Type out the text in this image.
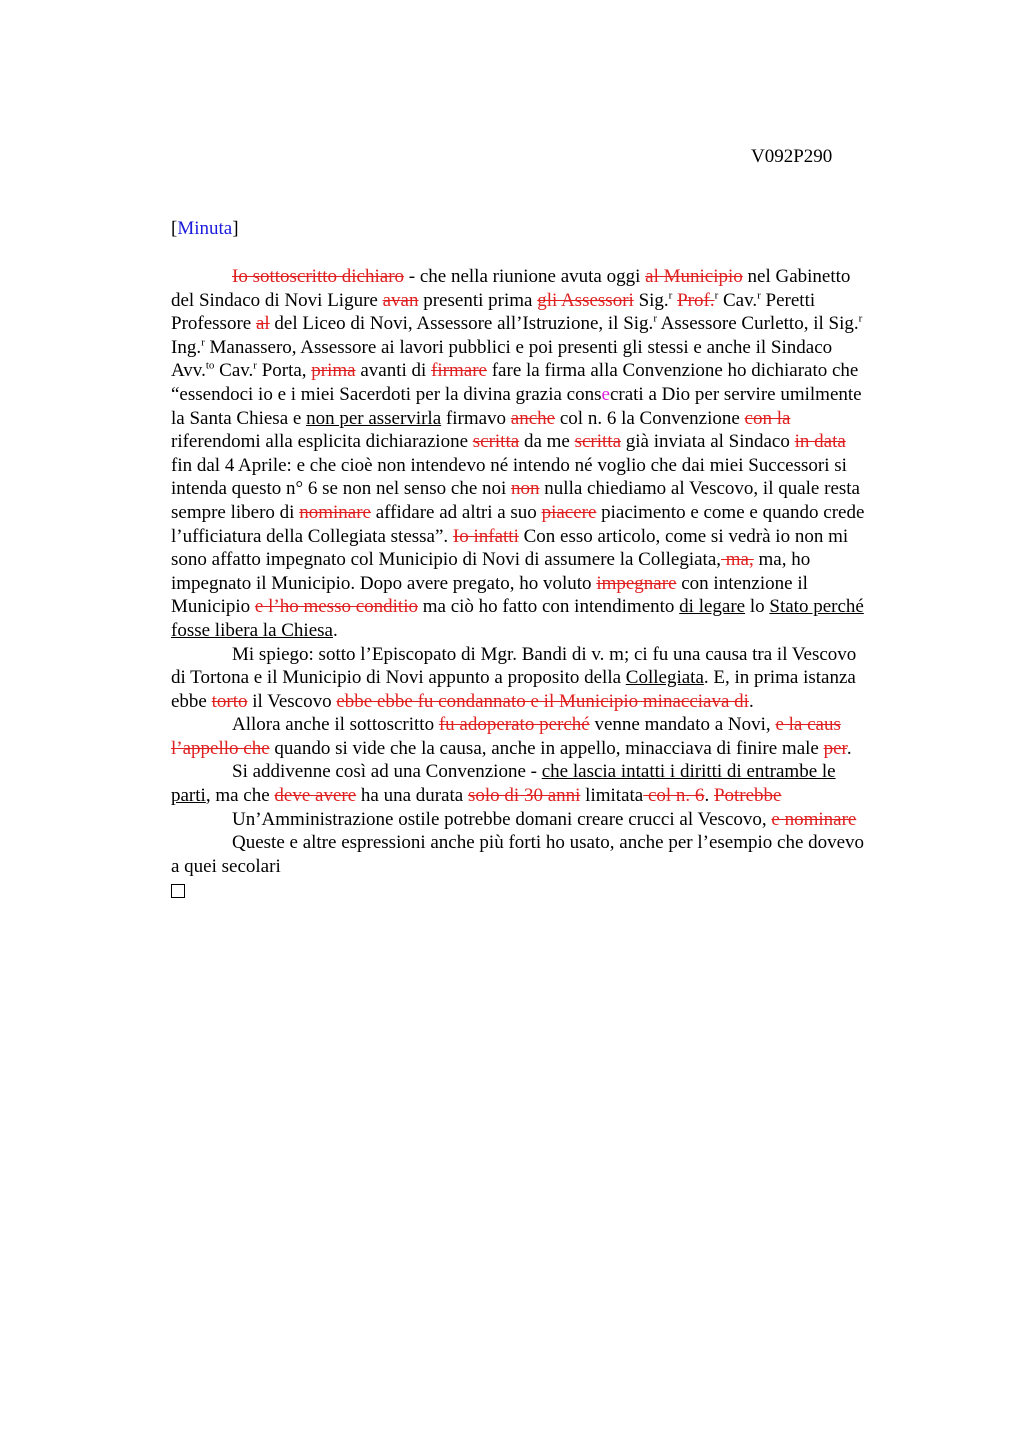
V092P290
[Minuta]
Io sottoscritto dichiaro - che nella riunione avuta oggi al Municipio nel Gabinetto
del Sindaco di Novi Ligure avan presenti prima gli Assessori Sig.$^r$ Prof.$^r$ Cav.$^r$ Peretti
Professore al del Liceo di Novi, Assessore all’Istruzione, il Sig.$^r$ Assessore Curletto, il Sig.$^r$
Ing.$^r$ Manassero, Assessore ai lavori pubblici e poi presenti gli stessi e anche il Sindaco
Avv.$^{to}$ Cav.$^r$ Porta, prima avanti di firmare fare la firma alla Convenzione ho dichiarato che
“essendoci io e i miei Sacerdoti per la divina grazia consecrati a Dio per servire umilmente
la Santa Chiesa e non per asservirla firmavo anche col n. 6 la Convenzione con la
riferendomi alla esplicita dichiarazione scritta da me scritta già inviata al Sindaco in data
fin dal 4 Aprile: e che cioè non intendevo né intendo né voglio che dai miei Successori si
intenda questo n° 6 se non nel senso che noi non nulla chiediamo al Vescovo, il quale resta
sempre libero di nominare affidare ad altri a suo piacere piacimento e come e quando crede
l’ufficiatura della Collegiata stessa”. Io infatti Con esso articolo, come si vedrà io non mi
sono affatto impegnato col Municipio di Novi di assumere la Collegiata, ma, ma, ho
impegnato il Municipio. Dopo avere pregato, ho voluto impegnare con intenzione il
Municipio e l’ho messo conditio ma ciò ho fatto con intendimento di legare lo Stato perché
fosse libera la Chiesa.
Mi spiego: sotto l’Episcopato di Mgr. Bandi di v. m; ci fu una causa tra il Vescovo
di Tortona e il Municipio di Novi appunto a proposito della Collegiata. E, in prima istanza
ebbe torto il Vescovo ebbe ebbe fu condannato e il Municipio minacciava di.
Allora anche il sottoscritto fu adoperato perché venne mandato a Novi, e la caus
l’appello che quando si vide che la causa, anche in appello, minacciava di finire male per.
Si addivenne così ad una Convenzione - che lascia intatti i diritti di entrambe le
parti, ma che deve avere ha una durata solo di 30 anni limitata col n. 6. Potrebbe
Un’Amministrazione ostile potrebbe domani creare crucci al Vescovo, e nominare
Queste e altre espressioni anche più forti ho usato, anche per l’esempio che dovevo
a quei secolari
